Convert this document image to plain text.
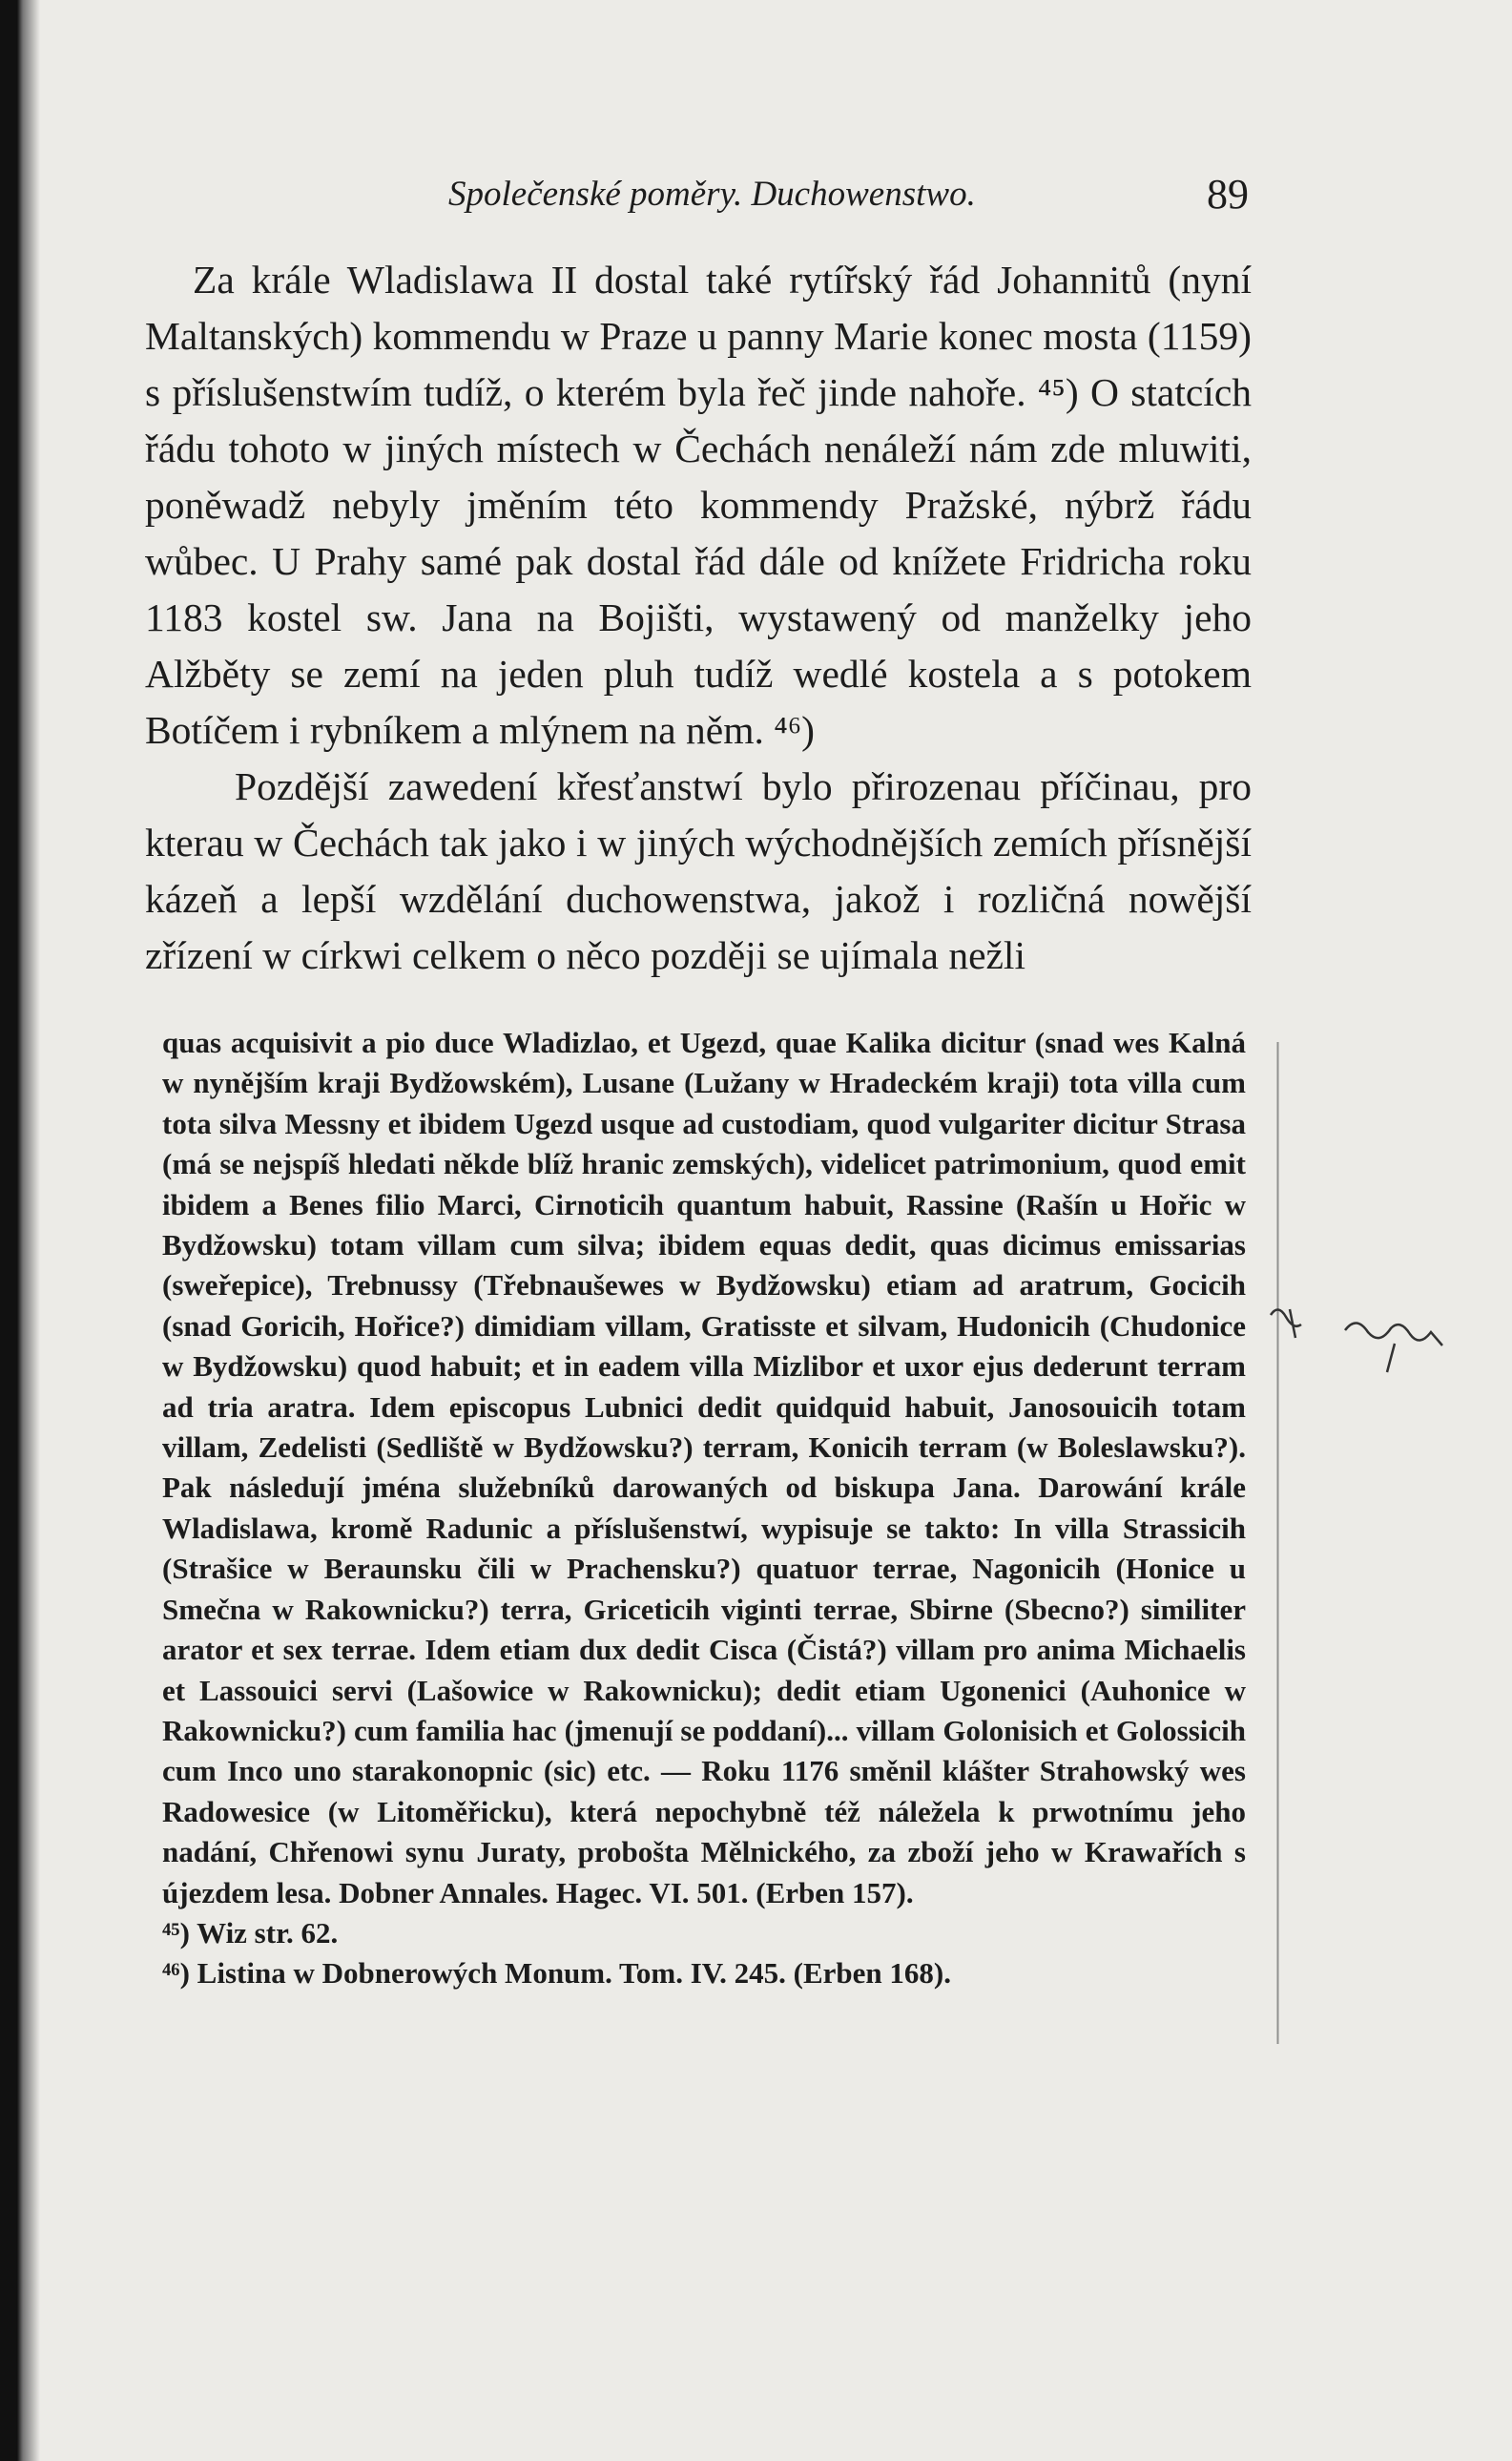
Společenské poměry. Duchowenstwo.	89

Za krále Wladislawa II dostal také rytířský řád Johannitů (nyní Maltanských) kommendu w Praze u panny Marie konec mosta (1159) s příslušenstwím tudíž, o kterém byla řeč jinde nahoře. ⁴⁵) O statcích řádu tohoto w jiných místech w Čechách nenáleží nám zde mluwiti, poněwadž nebyly jměním této kommendy Pražské, nýbrž řádu wůbec. U Prahy samé pak dostal řád dále od knížete Fridricha roku 1183 kostel sw. Jana na Bojišti, wystawený od manželky jeho Alžběty se zemí na jeden pluh tudíž wedlé kostela a s potokem Botíčem i rybníkem a mlýnem na něm. ⁴⁶)

Pozdější zawedení křesťanstwí bylo přirozenau příčinau, pro kterau w Čechách tak jako i w jiných wýchodnějších zemích přísnější kázeň a lepší wzdělání duchowenstwa, jakož i rozličná nowější zřízení w církwi celkem o něco později se ujímala nežli

quas acquisivit a pio duce Wladizlao, et Ugezd, quae Kalika dicitur (snad wes Kalná w nynějším kraji Bydžowském), Lusane (Lužany w Hradeckém kraji) tota villa cum tota silva Messny et ibidem Ugezd usque ad custodiam, quod vulgariter dicitur Strasa (má se nejspíš hledati někde blíž hranic zemských), videlicet patrimonium, quod emit ibidem a Benes filio Marci, Cirnoticih quantum habuit, Rassine (Rašín u Hořic w Bydžowsku) totam villam cum silva; ibidem equas dedit, quas dicimus emissarias (sweřepice), Trebnussy (Třebnaušewes w Bydžowsku) etiam ad aratrum, Gocicih (snad Goricih, Hořice?) dimidiam villam, Gratisste et silvam, Hudonicih (Chudonice w Bydžowsku) quod habuit; et in eadem villa Mizlibor et uxor ejus dederunt terram ad tria aratra. Idem episcopus Lubnici dedit quidquid habuit, Janosouicih totam villam, Zedelisti (Sedliště w Bydžowsku?) terram, Konicih terram (w Boleslawsku?). Pak následují jména služebníků darowaných od biskupa Jana. Darowání krále Wladislawa, kromě Radunic a příslušenstwí, wypisuje se takto: In villa Strassicih (Strašice w Beraunsku čili w Prachensku?) quatuor terrae, Nagonicih (Honice u Smečna w Rakownicku?) terra, Griceticih viginti terrae, Sbirne (Sbecno?) similiter arator et sex terrae. Idem etiam dux dedit Cisca (Čistá?) villam pro anima Michaelis et Lassouici servi (Lašowice w Rakownicku); dedit etiam Ugonenici (Auhonice w Rakownicku?) cum familia hac (jmenují se poddaní)... villam Golonisich et Golossicih cum Inco uno starakonopnic (sic) etc. — Roku 1176 směnil klášter Strahowský wes Radowesice (w Litoměřicku), která nepochybně též náležela k prwotnímu jeho nadání, Chřenowi synu Juraty, probošta Mělnického, za zboží jeho w Krawařích s újezdem lesa. Dobner Annales. Hagec. VI. 501. (Erben 157).

⁴⁵) Wiz str. 62.

⁴⁶) Listina w Dobnerowých Monum. Tom. IV. 245. (Erben 168).
